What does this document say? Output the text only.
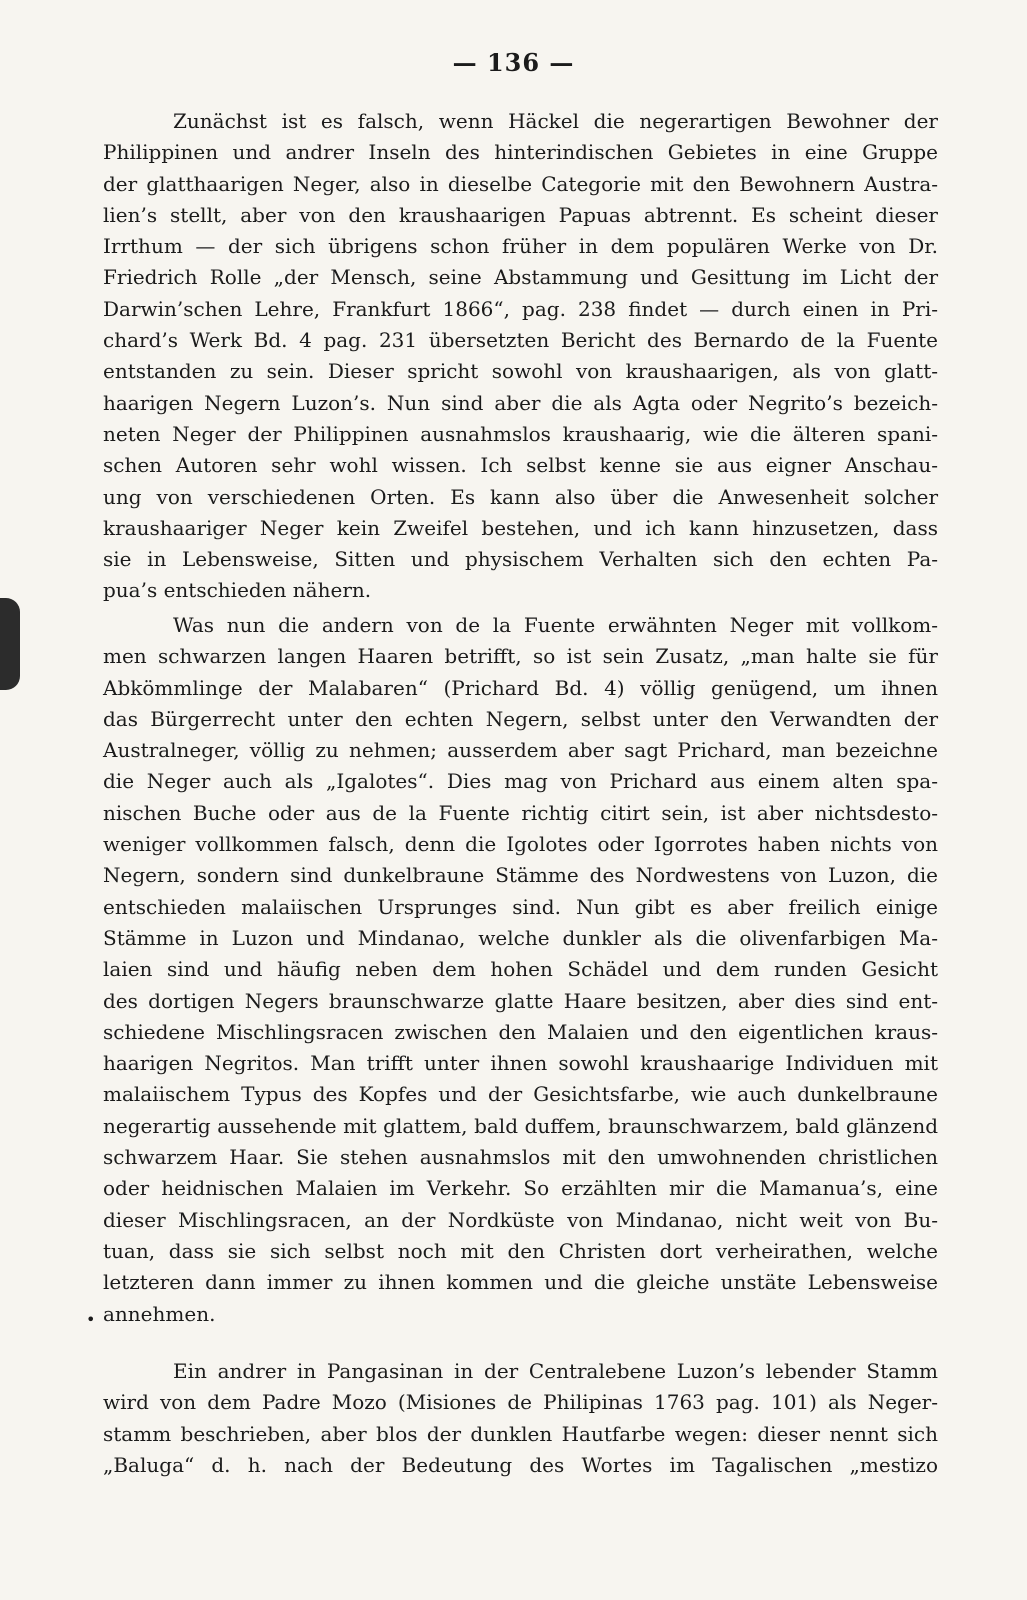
— 136 —
Zunächst ist es falsch, wenn Häckel die negerartigen Bewohner der
Philippinen und andrer Inseln des hinterindischen Gebietes in eine Gruppe
der glatthaarigen Neger, also in dieselbe Categorie mit den Bewohnern Austra-
lien’s stellt, aber von den kraushaarigen Papuas abtrennt. Es scheint dieser
Irrthum — der sich übrigens schon früher in dem populären Werke von Dr.
Friedrich Rolle „der Mensch, seine Abstammung und Gesittung im Licht der
Darwin’schen Lehre, Frankfurt 1866“, pag. 238 findet — durch einen in Pri-
chard’s Werk Bd. 4 pag. 231 übersetzten Bericht des Bernardo de la Fuente
entstanden zu sein. Dieser spricht sowohl von kraushaarigen, als von glatt-
haarigen Negern Luzon’s. Nun sind aber die als Agta oder Negrito’s bezeich-
neten Neger der Philippinen ausnahmslos kraushaarig, wie die älteren spani-
schen Autoren sehr wohl wissen. Ich selbst kenne sie aus eigner Anschau-
ung von verschiedenen Orten. Es kann also über die Anwesenheit solcher
kraushaariger Neger kein Zweifel bestehen, und ich kann hinzusetzen, dass
sie in Lebensweise, Sitten und physischem Verhalten sich den echten Pa-
pua’s entschieden nähern.
Was nun die andern von de la Fuente erwähnten Neger mit vollkom-
men schwarzen langen Haaren betrifft, so ist sein Zusatz, „man halte sie für
Abkömmlinge der Malabaren“ (Prichard Bd. 4) völlig genügend, um ihnen
das Bürgerrecht unter den echten Negern, selbst unter den Verwandten der
Australneger, völlig zu nehmen; ausserdem aber sagt Prichard, man bezeichne
die Neger auch als „Igalotes“. Dies mag von Prichard aus einem alten spa-
nischen Buche oder aus de la Fuente richtig citirt sein, ist aber nichtsdesto-
weniger vollkommen falsch, denn die Igolotes oder Igorrotes haben nichts von
Negern, sondern sind dunkelbraune Stämme des Nordwestens von Luzon, die
entschieden malaiischen Ursprunges sind. Nun gibt es aber freilich einige
Stämme in Luzon und Mindanao, welche dunkler als die olivenfarbigen Ma-
laien sind und häufig neben dem hohen Schädel und dem runden Gesicht
des dortigen Negers braunschwarze glatte Haare besitzen, aber dies sind ent-
schiedene Mischlingsracen zwischen den Malaien und den eigentlichen kraus-
haarigen Negritos. Man trifft unter ihnen sowohl kraushaarige Individuen mit
malaiischem Typus des Kopfes und der Gesichtsfarbe, wie auch dunkelbraune
negerartig aussehende mit glattem, bald duffem, braunschwarzem, bald glänzend
schwarzem Haar. Sie stehen ausnahmslos mit den umwohnenden christlichen
oder heidnischen Malaien im Verkehr. So erzählten mir die Mamanua’s, eine
dieser Mischlingsracen, an der Nordküste von Mindanao, nicht weit von Bu-
tuan, dass sie sich selbst noch mit den Christen dort verheirathen, welche
letzteren dann immer zu ihnen kommen und die gleiche unstäte Lebensweise
annehmen.
•
Ein andrer in Pangasinan in der Centralebene Luzon’s lebender Stamm
wird von dem Padre Mozo (Misiones de Philipinas 1763 pag. 101) als Neger-
stamm beschrieben, aber blos der dunklen Hautfarbe wegen: dieser nennt sich
„Baluga“ d. h. nach der Bedeutung des Wortes im Tagalischen „mestizo
